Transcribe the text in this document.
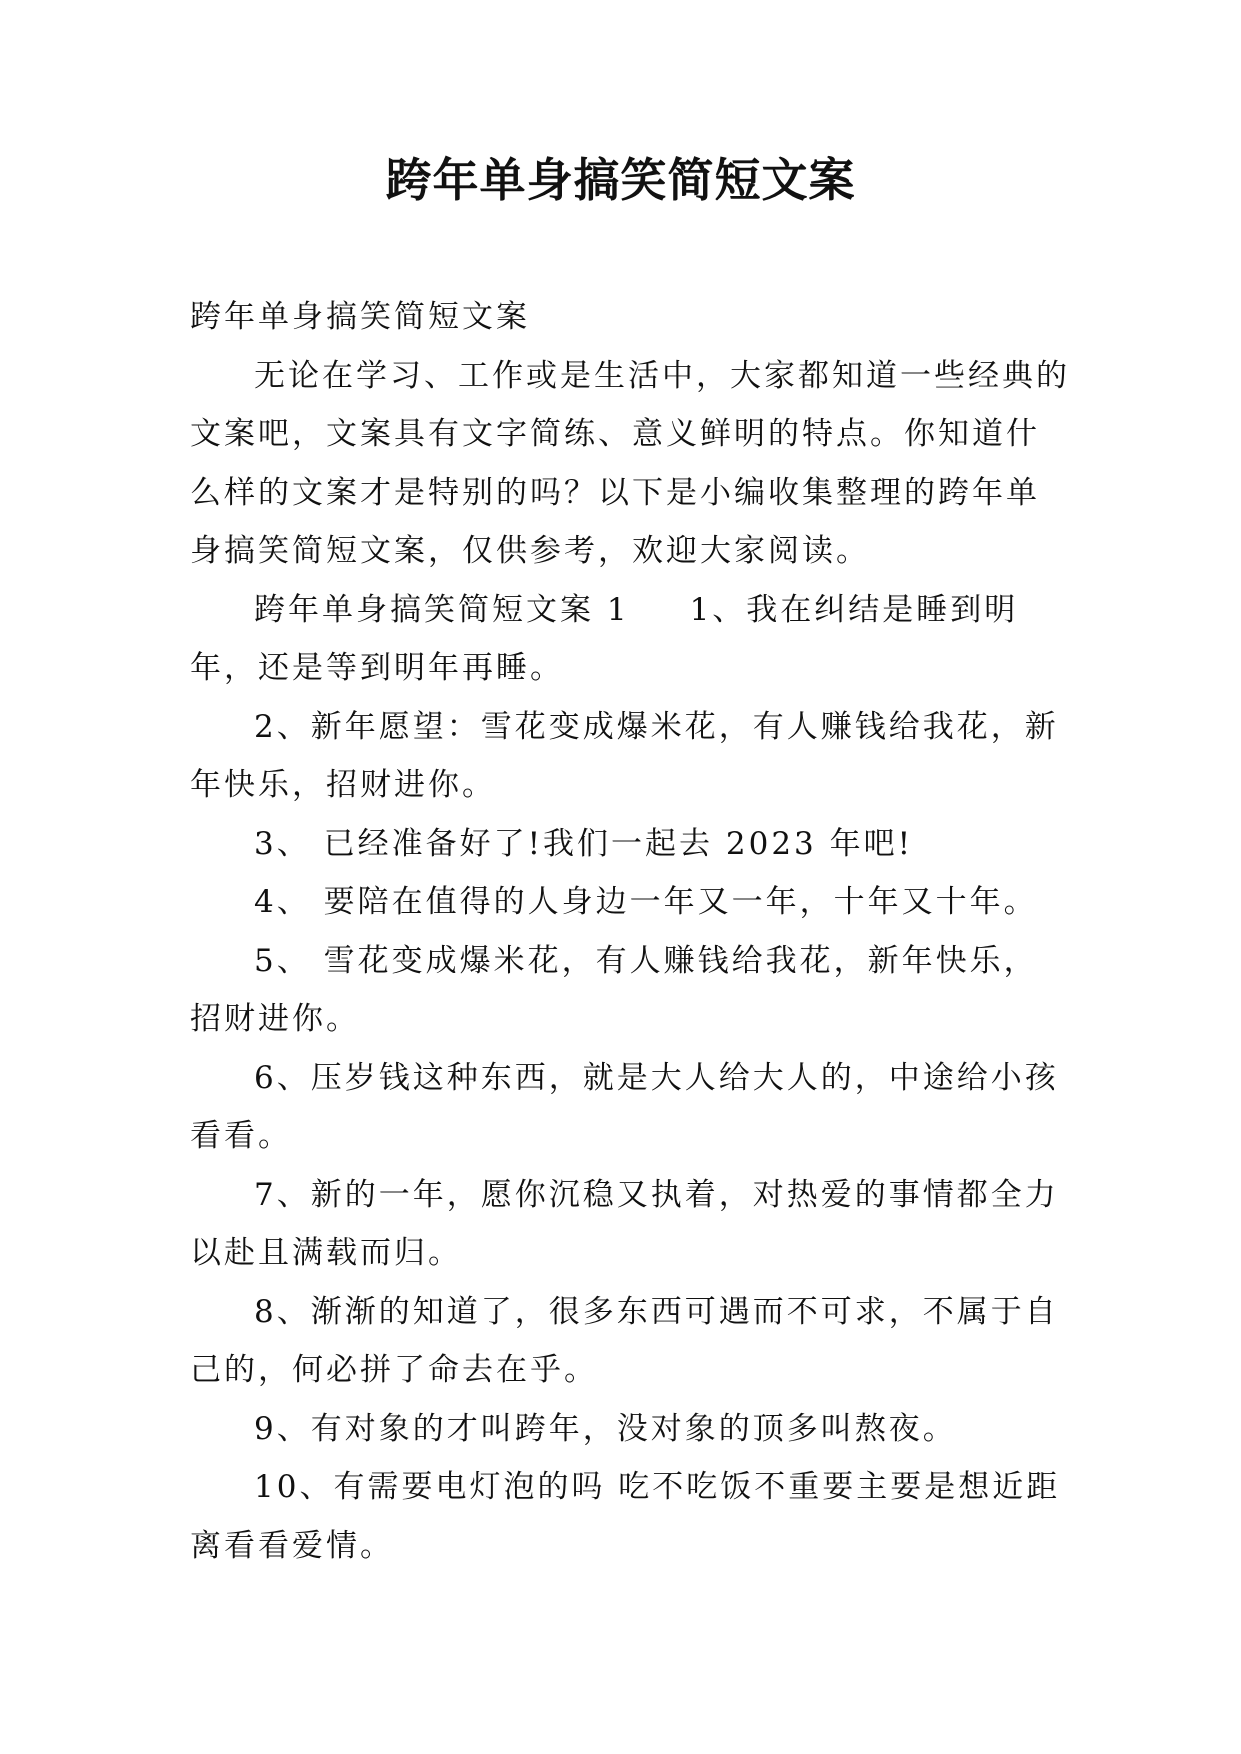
跨年单身搞笑简短文案

跨年单身搞笑简短文案

无论在学习、工作或是生活中，大家都知道一些经典的文案吧，文案具有文字简练、意义鲜明的特点。你知道什么样的文案才是特别的吗？以下是小编收集整理的跨年单身搞笑简短文案，仅供参考，欢迎大家阅读。

跨年单身搞笑简短文案 1 1、我在纠结是睡到明年，还是等到明年再睡。

2、新年愿望：雪花变成爆米花，有人赚钱给我花，新年快乐，招财进你。

3、 已经准备好了!我们一起去 2023 年吧!

4、 要陪在值得的人身边一年又一年，十年又十年。

5、 雪花变成爆米花，有人赚钱给我花，新年快乐，招财进你。

6、压岁钱这种东西，就是大人给大人的，中途给小孩看看。

7、新的一年，愿你沉稳又执着，对热爱的事情都全力以赴且满载而归。

8、渐渐的知道了，很多东西可遇而不可求，不属于自己的，何必拼了命去在乎。

9、有对象的才叫跨年，没对象的顶多叫熬夜。

10、有需要电灯泡的吗 吃不吃饭不重要主要是想近距离看看爱情。
